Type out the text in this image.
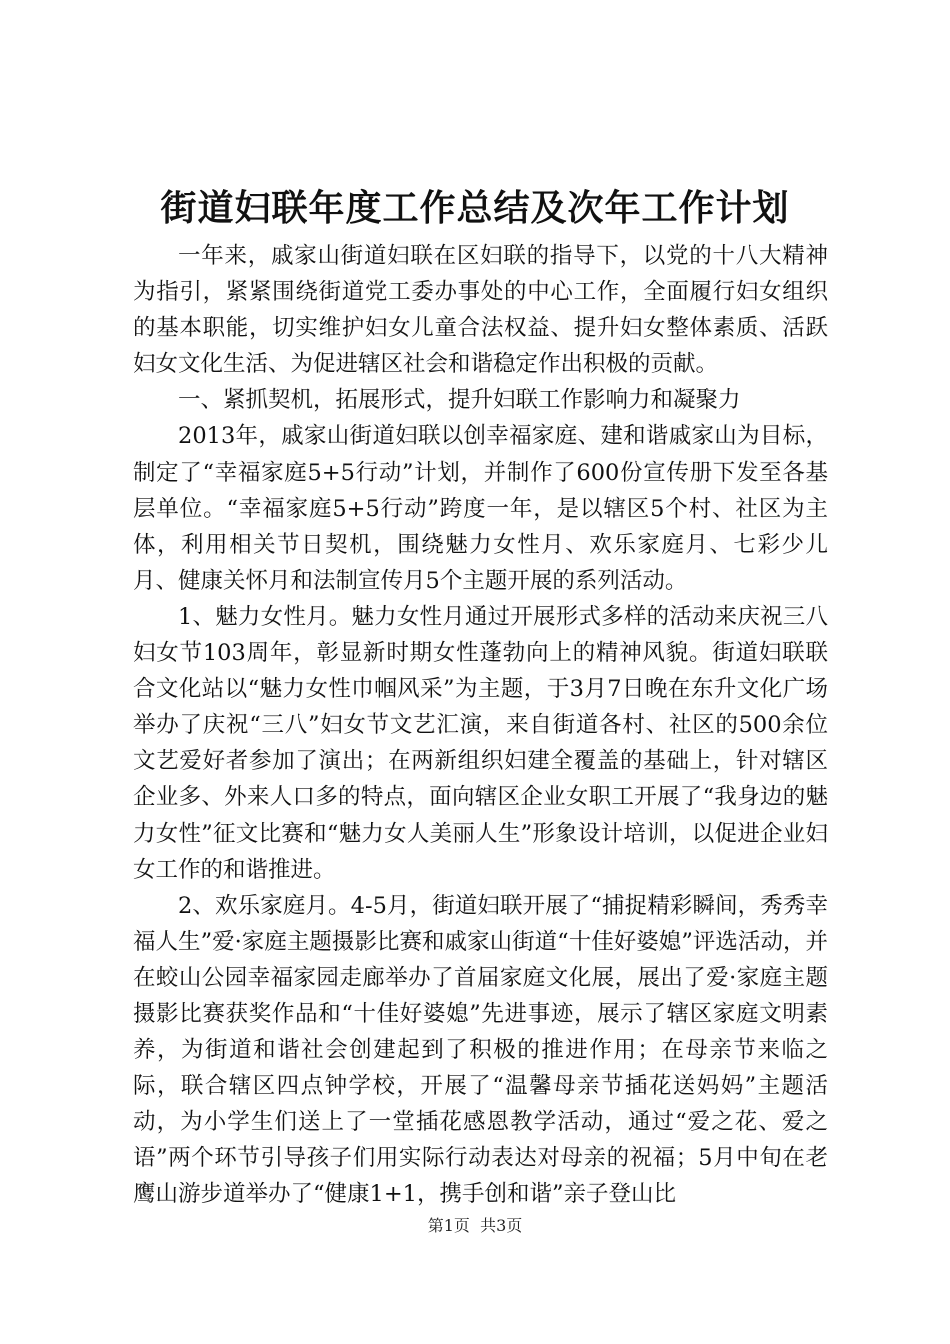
街道妇联年度工作总结及次年工作计划

一年来，戚家山街道妇联在区妇联的指导下，以党的十八大精神为指引，紧紧围绕街道党工委办事处的中心工作，全面履行妇女组织的基本职能，切实维护妇女儿童合法权益、提升妇女整体素质、活跃妇女文化生活、为促进辖区社会和谐稳定作出积极的贡献。

一、紧抓契机，拓展形式，提升妇联工作影响力和凝聚力

2013年，戚家山街道妇联以创幸福家庭、建和谐戚家山为目标，制定了“幸福家庭5+5行动”计划，并制作了600份宣传册下发至各基层单位。“幸福家庭5+5行动”跨度一年，是以辖区5个村、社区为主体，利用相关节日契机，围绕魅力女性月、欢乐家庭月、七彩少儿月、健康关怀月和法制宣传月5个主题开展的系列活动。

1、魅力女性月。魅力女性月通过开展形式多样的活动来庆祝三八妇女节103周年，彰显新时期女性蓬勃向上的精神风貌。街道妇联联合文化站以“魅力女性巾帼风采”为主题，于3月7日晚在东升文化广场举办了庆祝“三八”妇女节文艺汇演，来自街道各村、社区的500余位文艺爱好者参加了演出；在两新组织妇建全覆盖的基础上，针对辖区企业多、外来人口多的特点，面向辖区企业女职工开展了“我身边的魅力女性”征文比赛和“魅力女人美丽人生”形象设计培训，以促进企业妇女工作的和谐推进。

2、欢乐家庭月。4-5月，街道妇联开展了“捕捉精彩瞬间，秀秀幸福人生”爱·家庭主题摄影比赛和戚家山街道“十佳好婆媳”评选活动，并在蛟山公园幸福家园走廊举办了首届家庭文化展，展出了爱·家庭主题摄影比赛获奖作品和“十佳好婆媳”先进事迹，展示了辖区家庭文明素养，为街道和谐社会创建起到了积极的推进作用；在母亲节来临之际，联合辖区四点钟学校，开展了“温馨母亲节插花送妈妈”主题活动，为小学生们送上了一堂插花感恩教学活动，通过“爱之花、爱之语”两个环节引导孩子们用实际行动表达对母亲的祝福；5月中旬在老鹰山游步道举办了“健康1+1，携手创和谐”亲子登山比

第1页 共3页
